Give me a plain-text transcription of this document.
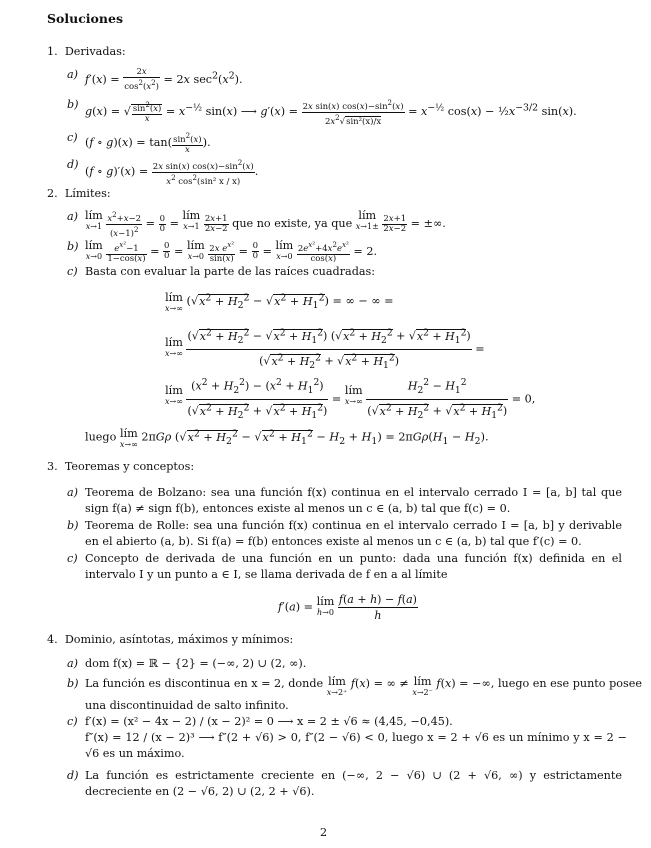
Soluciones
1. Derivadas:
a) $f'(x) = \frac{2x}{\cos^2(x^2)} = 2x$ $\sec^2(x^2)$.
b)
g(x) = √ $\frac{\sin^2(x)}{x} = x^{-\frac{1}{2}}$ sin(x) ⟶ $g'(x) = \frac{2x \sin(x) \cos(x)-\sin^2(x)}{2x^2√\sin^2(x)/x} = x^{-\frac{1}{2}}$ $\cos(x) - \frac{1}{2}x^{-3/2}$ sin(x).
c) (f ∘ $g)(x) = \tan( \frac{\sin^2(x)}{x}$ ).
d)
(f ∘ $g)'(x) = \frac{2x \sin(x) \cos(x)-\sin^2(x)}{x^2 \cos^2(\sin^2 x / x)}$ .
2. Límites:
a) lím
x→1
$\frac{x^2+x-2}{(x-1)^2} = \frac{0}{0}$ =
lím
x→1
$\frac{2x+1}{2x-2}$ que no existe, ya que
lím
x→1±
$\frac{2x+1}{2x-2}$ = ±∞.
b) lím
x→0
$\frac{e^{x^2}-1}{1-\cos(x)} = \frac{0}{0}$ = lím
x→0
$\frac{2x e^{x^2}}{\sin(x)} = \frac{0}{0}$ = lím
x→0
$\frac{2e^{x^2}+4x^2e^{x^2}}{\cos(x)} = 2$.
c) Basta con evaluar la parte de las raíces cuadradas:
lím
x→∞
$(√x^2 + H_2^2 - √x^2 + H_1^2)$ = ∞ − ∞ =
lím
x→∞
$\frac{(√x^2 + H_2^2 - √x^2 + H_1^2) (√x^2 + H_2^2 + √x^2 + H_1^2)}{(√x^2 + H_2^2 + √x^2 + H_1^2)}$ =
lím
x→∞
$\frac{(x^2 + H_2^2) - (x^2 + H_1^2)}{(√x^2 + H_2^2 + √x^2 + H_1^2)}$ =
lím
x→∞
$\frac{H_2^2 - H_1^2}{(√x^2 + H_2^2 + √x^2 + H_1^2)} = 0$,
luego lím
x→∞
2πGρ $(√x^2 + H_2^2 - √x^2 + H_1^2 - H_2 + H_1) = 2\pi G\rho(H_1 - H_2)$.
3. Teoremas y conceptos:
a) Teorema de Bolzano: sea una función f(x) continua en el intervalo cerrado I = [a, b] tal que sign f(a) ≠ sign f(b), entonces existe al menos un c ∈ (a, b) tal que f(c) = 0.
b) Teorema de Rolle: sea una función f(x) continua en el intervalo cerrado I = [a, b] y derivable en el abierto (a, b). Si f(a) = f(b) entonces existe al menos un c ∈ (a, b) tal que f′(c) = 0.
c) Concepto de derivada de una función en un punto: dada una función f(x) definida en el intervalo I y un punto a ∈ I, se llama derivada de f en a al límite
f′(a) = lím
h→0
$\frac{f(a + h) - f(a)}{h}$
4. Dominio, asíntotas, máximos y mínimos:
a) dom f(x) = ℝ − {2} = (−∞, 2) ∪ (2, ∞).
b) La función es discontinua en x = 2, donde lím
x→2⁺
f(x) = ∞ ≠ lím
x→2⁻
f(x) = −∞, luego en ese punto posee
una discontinuidad de salto infinito.
c) f′(x) = (x² − 4x − 2) / (x − 2)² = 0 ⟶ x = 2 ± √6 ≈ (4,45, −0,45).
f″(x) = 12 / (x − 2)³ ⟶ f″(2 + √6) > 0, f″(2 − √6) < 0, luego x = 2 + √6 es un mínimo y x = 2 − √6 es un máximo.
d) La función es estrictamente creciente en (−∞, 2 − √6) ∪ (2 + √6, ∞) y estrictamente decreciente en (2 − √6, 2) ∪ (2, 2 + √6).
2
